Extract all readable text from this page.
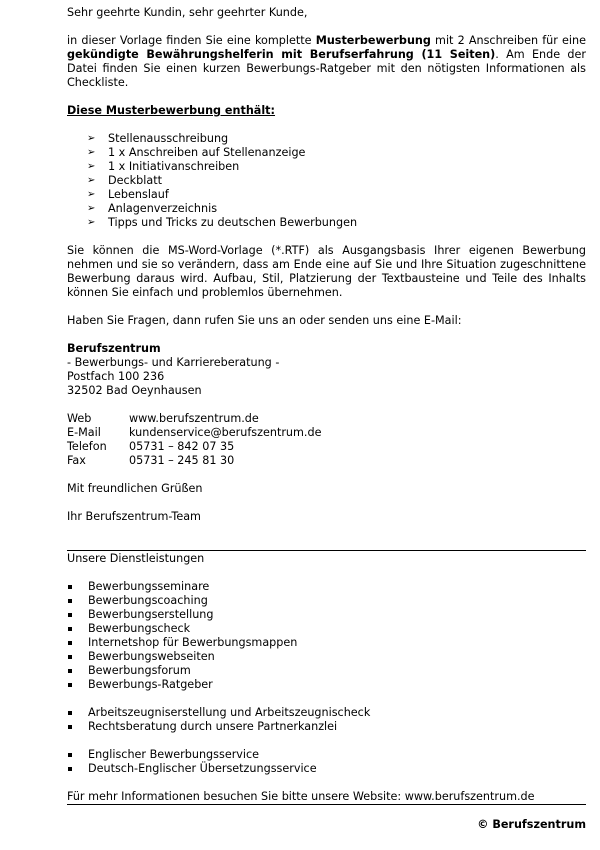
Sehr geehrte Kundin, sehr geehrter Kunde,

in dieser Vorlage finden Sie eine komplette Musterbewerbung mit 2 Anschreiben für eine gekündigte Bewährungshelferin mit Berufserfahrung (11 Seiten). Am Ende der Datei finden Sie einen kurzen Bewerbungs-Ratgeber mit den nötigsten Informationen als Checkliste.

Diese Musterbewerbung enthält:

➢ Stellenausschreibung
➢ 1 x Anschreiben auf Stellenanzeige
➢ 1 x Initiativanschreiben
➢ Deckblatt
➢ Lebenslauf
➢ Anlagenverzeichnis
➢ Tipps und Tricks zu deutschen Bewerbungen

Sie können die MS-Word-Vorlage (*.RTF) als Ausgangsbasis Ihrer eigenen Bewerbung nehmen und sie so verändern, dass am Ende eine auf Sie und Ihre Situation zugeschnittene Bewerbung daraus wird. Aufbau, Stil, Platzierung der Textbausteine und Teile des Inhalts können Sie einfach und problemlos übernehmen.

Haben Sie Fragen, dann rufen Sie uns an oder senden uns eine E-Mail:

Berufszentrum

- Bewerbungs- und Karriereberatung -

Postfach 100 236

32502 Bad Oeynhausen

Web	www.berufszentrum.de
E-Mail	kundenservice@berufszentrum.de
Telefon	05731 – 842 07 35
Fax	05731 – 245 81 30

Mit freundlichen Grüßen

Ihr Berufszentrum-Team

Unsere Dienstleistungen

Bewerbungsseminare
Bewerbungscoaching
Bewerbungserstellung
Bewerbungscheck
Internetshop für Bewerbungsmappen
Bewerbungswebseiten
Bewerbungsforum
Bewerbungs-Ratgeber
Arbeitszeugniserstellung und Arbeitszeugnischeck
Rechtsberatung durch unsere Partnerkanzlei
Englischer Bewerbungsservice
Deutsch-Englischer Übersetzungsservice

Für mehr Informationen besuchen Sie bitte unsere Website: www.berufszentrum.de

© Berufszentrum
